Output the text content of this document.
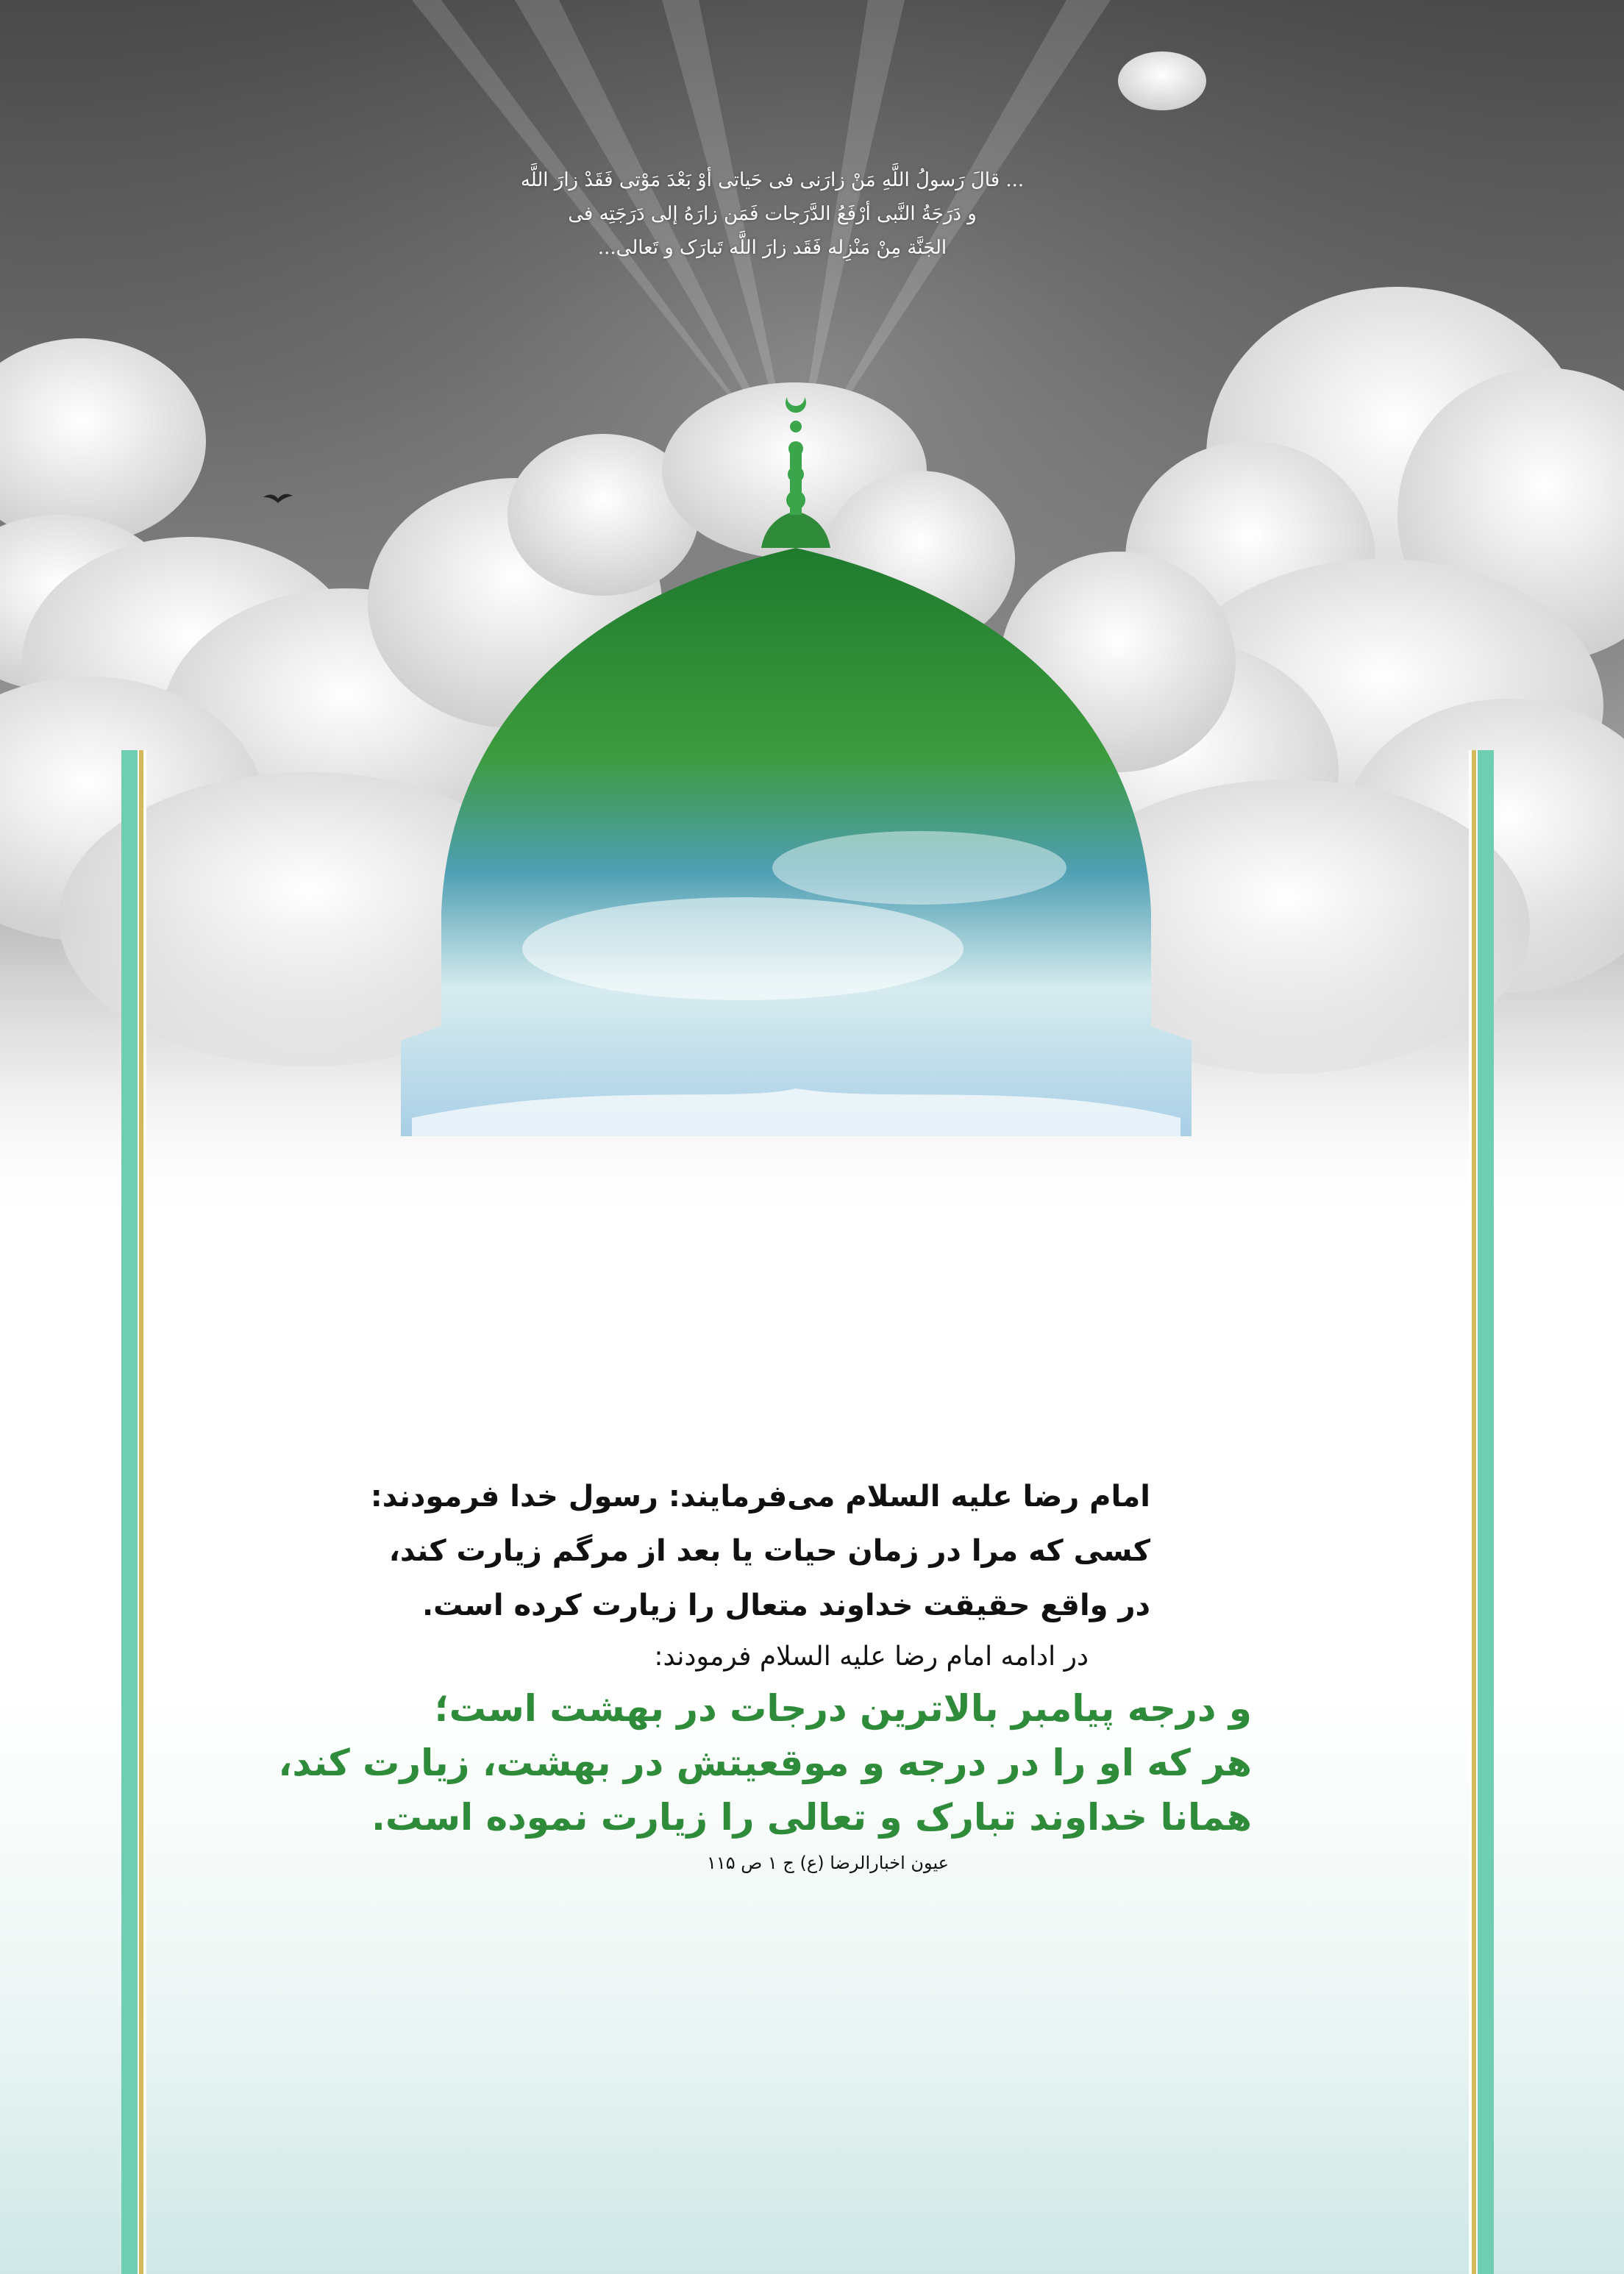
... قالَ رَسولُ اللَّهِ مَنْ زارَنی فی حَیاتی أوْ بَعْدَ مَوْتی فَقَدْ زارَ اللَّه
و دَرَجَةُ النَّبی أرْفَعُ الدَّرَجات فَمَن زارَهُ إلی دَرَجَتِه فی
الجَنَّة مِنْ مَنْزِله فَقَد زارَ اللَّه تَبارَک و تَعالی...
امام رضا علیه السلام می‌فرمایند: رسول خدا فرمودند:
کسی که مرا در زمان حیات یا بعد از مرگم زیارت کند،
در واقع حقیقت خداوند متعال را زیارت کرده است.
در ادامه امام رضا علیه السلام فرمودند:
و درجه پیامبر بالاترین درجات در بهشت است؛
هر که او را در درجه و موقعیتش در بهشت، زیارت کند،
همانا خداوند تبارک و تعالی را زیارت نموده است.
عیون اخبارالرضا (ع) ج ۱ ص ۱۱۵
